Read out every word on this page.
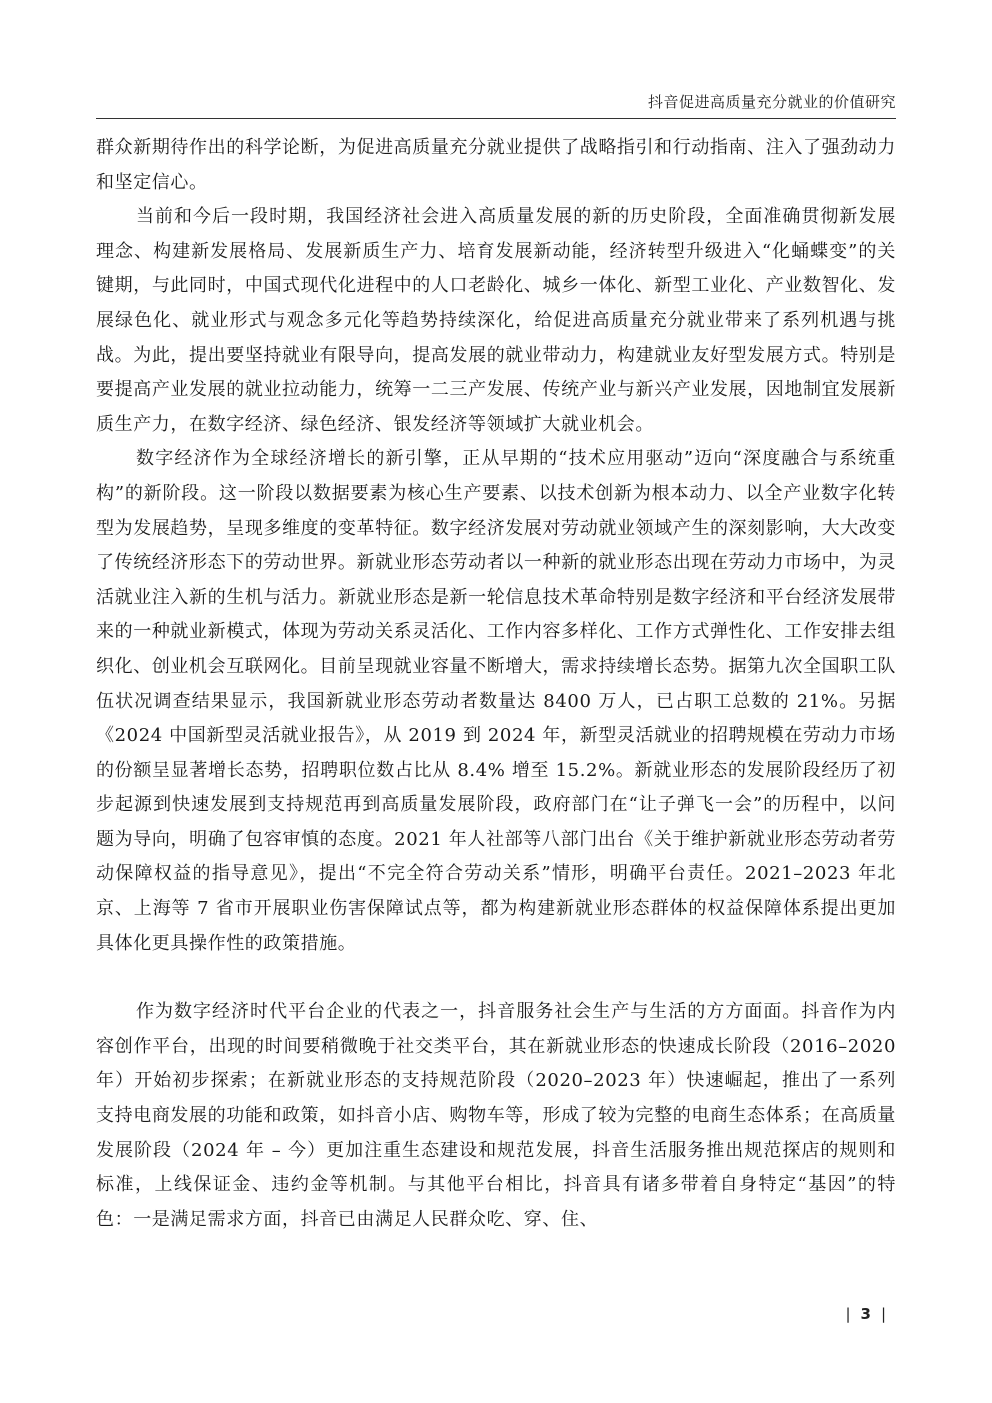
抖音促进高质量充分就业的价值研究

群众新期待作出的科学论断，为促进高质量充分就业提供了战略指引和行动指南、注入了强劲动力和坚定信心。

当前和今后一段时期，我国经济社会进入高质量发展的新的历史阶段，全面准确贯彻新发展理念、构建新发展格局、发展新质生产力、培育发展新动能，经济转型升级进入“化蛹蝶变”的关键期，与此同时，中国式现代化进程中的人口老龄化、城乡一体化、新型工业化、产业数智化、发展绿色化、就业形式与观念多元化等趋势持续深化，给促进高质量充分就业带来了系列机遇与挑战。为此，提出要坚持就业有限导向，提高发展的就业带动力，构建就业友好型发展方式。特别是要提高产业发展的就业拉动能力，统筹一二三产发展、传统产业与新兴产业发展，因地制宜发展新质生产力，在数字经济、绿色经济、银发经济等领域扩大就业机会。

数字经济作为全球经济增长的新引擎，正从早期的“技术应用驱动”迈向“深度融合与系统重构”的新阶段。这一阶段以数据要素为核心生产要素、以技术创新为根本动力、以全产业数字化转型为发展趋势，呈现多维度的变革特征。数字经济发展对劳动就业领域产生的深刻影响，大大改变了传统经济形态下的劳动世界。新就业形态劳动者以一种新的就业形态出现在劳动力市场中，为灵活就业注入新的生机与活力。新就业形态是新一轮信息技术革命特别是数字经济和平台经济发展带来的一种就业新模式，体现为劳动关系灵活化、工作内容多样化、工作方式弹性化、工作安排去组织化、创业机会互联网化。目前呈现就业容量不断增大，需求持续增长态势。据第九次全国职工队伍状况调查结果显示，我国新就业形态劳动者数量达 8400 万人，已占职工总数的 21%。另据《2024 中国新型灵活就业报告》，从 2019 到 2024 年，新型灵活就业的招聘规模在劳动力市场的份额呈显著增长态势，招聘职位数占比从 8.4% 增至 15.2%。新就业形态的发展阶段经历了初步起源到快速发展到支持规范再到高质量发展阶段，政府部门在“让子弹飞一会”的历程中，以问题为导向，明确了包容审慎的态度。2021 年人社部等八部门出台《关于维护新就业形态劳动者劳动保障权益的指导意见》，提出“不完全符合劳动关系”情形，明确平台责任。2021–2023 年北京、上海等 7 省市开展职业伤害保障试点等，都为构建新就业形态群体的权益保障体系提出更加具体化更具操作性的政策措施。

作为数字经济时代平台企业的代表之一，抖音服务社会生产与生活的方方面面。抖音作为内容创作平台，出现的时间要稍微晚于社交类平台，其在新就业形态的快速成长阶段（2016–2020 年）开始初步探索；在新就业形态的支持规范阶段（2020–2023 年）快速崛起，推出了一系列支持电商发展的功能和政策，如抖音小店、购物车等，形成了较为完整的电商生态体系；在高质量发展阶段（2024 年 – 今）更加注重生态建设和规范发展，抖音生活服务推出规范探店的规则和标准，上线保证金、违约金等机制。与其他平台相比，抖音具有诸多带着自身特定“基因”的特色：一是满足需求方面，抖音已由满足人民群众吃、穿、住、

| 3 |
